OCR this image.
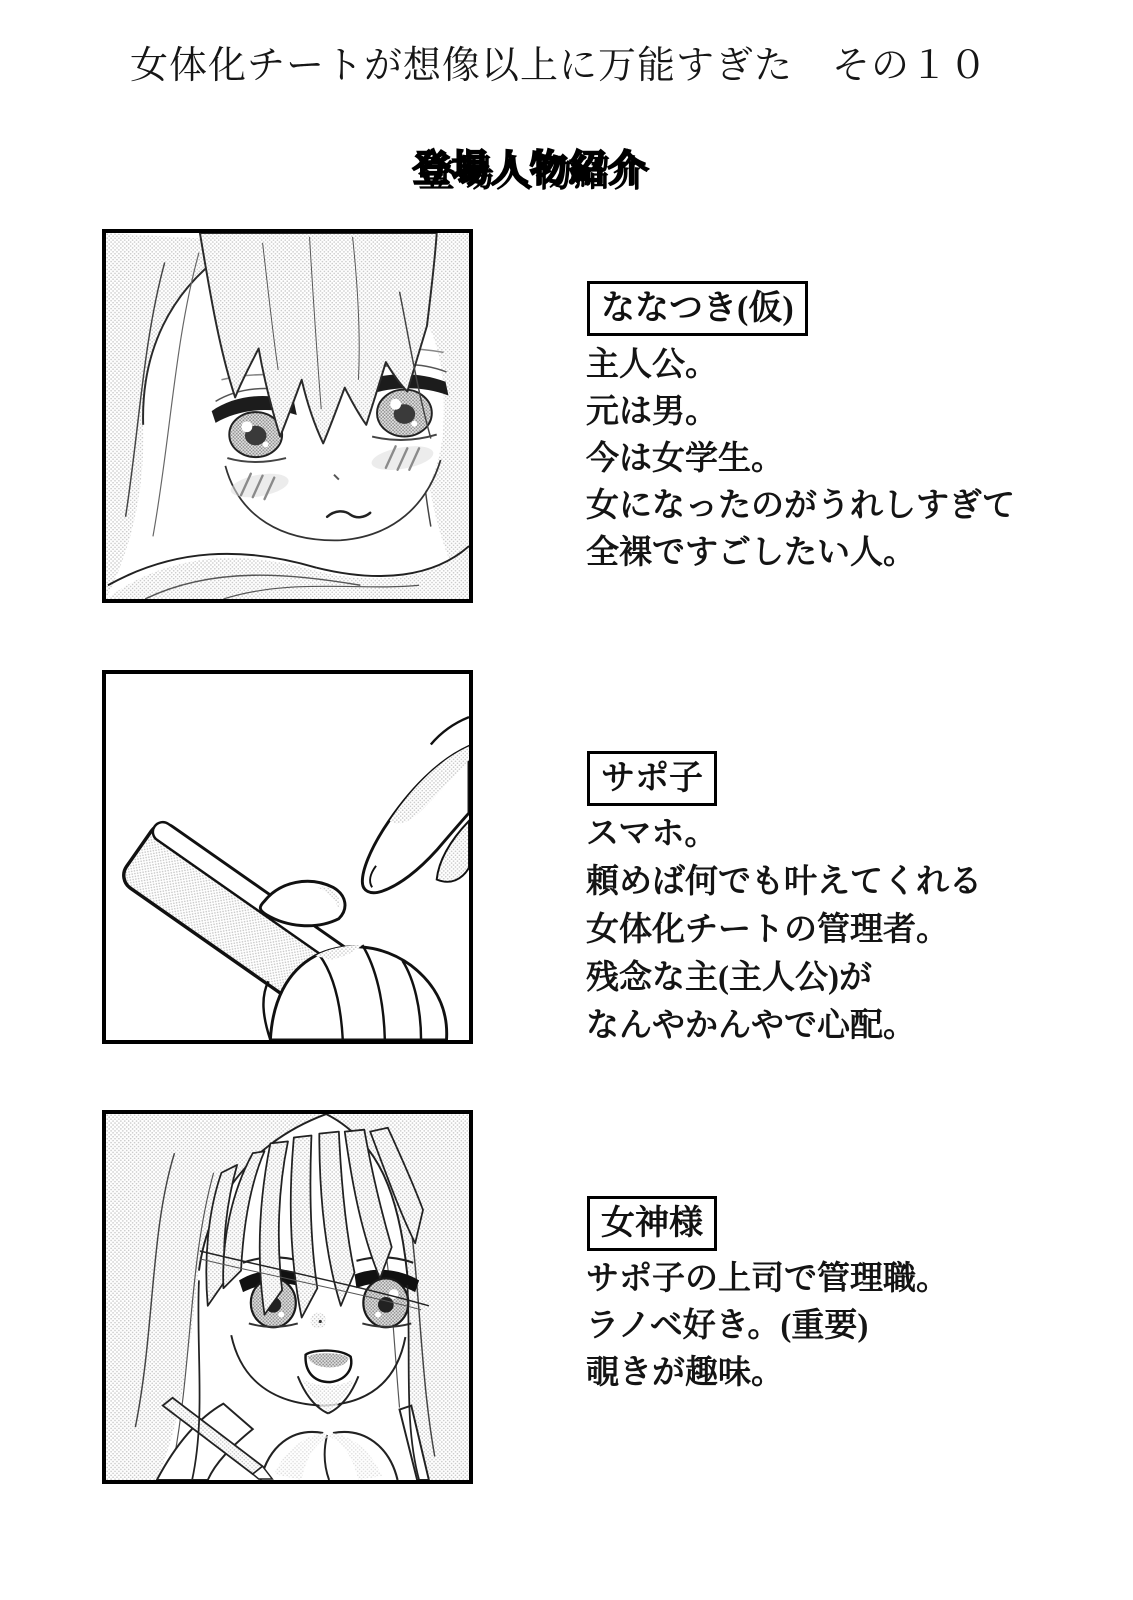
女体化チートが想像以上に万能すぎた　その１０
登場人物紹介
ななつき(仮)
主人公。
元は男。
今は女学生。
女になったのがうれしすぎて
全裸ですごしたい人。
サポ子
スマホ。
頼めば何でも叶えてくれる
女体化チートの管理者。
残念な主(主人公)が
なんやかんやで心配。
女神様
サポ子の上司で管理職。
ラノベ好き。(重要)
覗きが趣味。
